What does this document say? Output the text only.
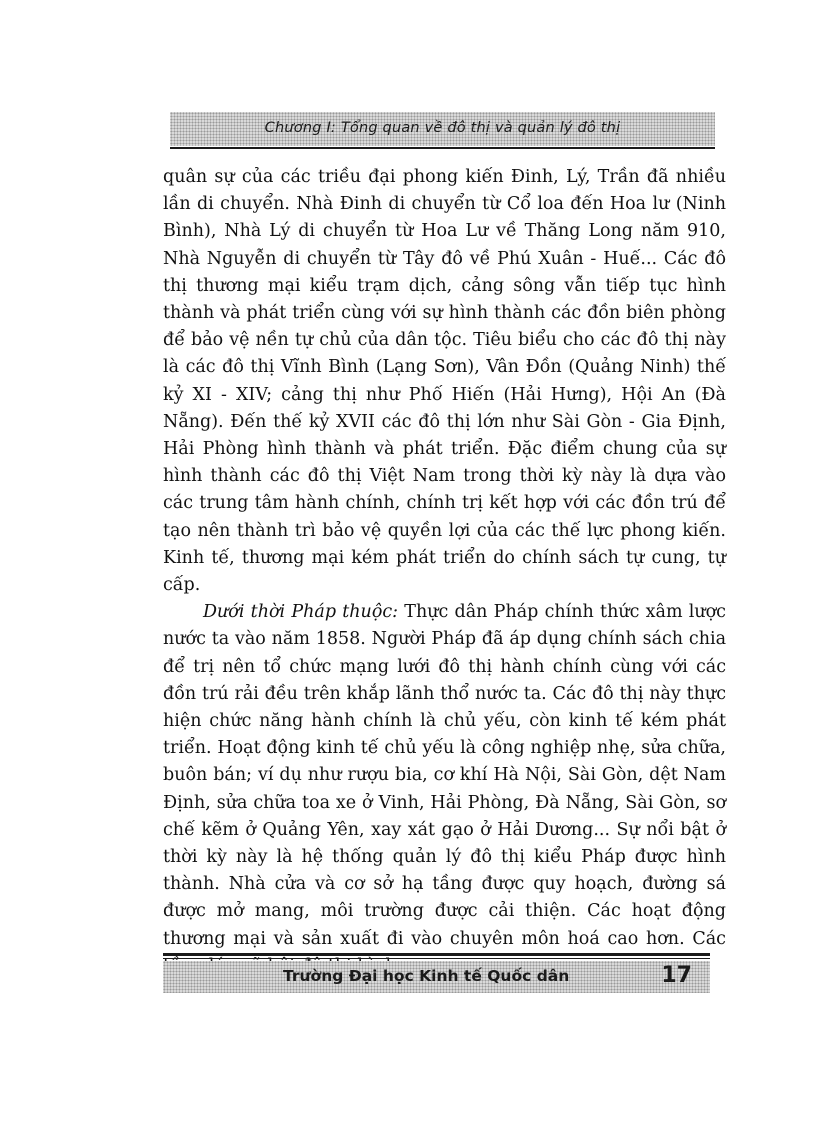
Chương I: Tổng quan về đô thị và quản lý đô thị

quân sự của các triều đại phong kiến Đinh, Lý, Trần đã nhiều lần di chuyển. Nhà Đinh di chuyển từ Cổ loa đến Hoa lư (Ninh Bình), Nhà Lý di chuyển từ Hoa Lư về Thăng Long năm 910, Nhà Nguyễn di chuyển từ Tây đô về Phú Xuân - Huế... Các đô thị thương mại kiểu trạm dịch, cảng sông vẫn tiếp tục hình thành và phát triển cùng với sự hình thành các đồn biên phòng để bảo vệ nền tự chủ của dân tộc. Tiêu biểu cho các đô thị này là các đô thị Vĩnh Bình (Lạng Sơn), Vân Đồn (Quảng Ninh) thế kỷ XI - XIV; cảng thị như Phố Hiến (Hải Hưng), Hội An (Đà Nẵng). Đến thế kỷ XVII các đô thị lớn như Sài Gòn - Gia Định, Hải Phòng hình thành và phát triển. Đặc điểm chung của sự hình thành các đô thị Việt Nam trong thời kỳ này là dựa vào các trung tâm hành chính, chính trị kết hợp với các đồn trú để tạo nên thành trì bảo vệ quyền lợi của các thế lực phong kiến. Kinh tế, thương mại kém phát triển do chính sách tự cung, tự cấp.

Dưới thời Pháp thuộc: Thực dân Pháp chính thức xâm lược nước ta vào năm 1858. Người Pháp đã áp dụng chính sách chia để trị nên tổ chức mạng lưới đô thị hành chính cùng với các đồn trú rải đều trên khắp lãnh thổ nước ta. Các đô thị này thực hiện chức năng hành chính là chủ yếu, còn kinh tế kém phát triển. Hoạt động kinh tế chủ yếu là công nghiệp nhẹ, sửa chữa, buôn bán; ví dụ như rượu bia, cơ khí Hà Nội, Sài Gòn, dệt Nam Định, sửa chữa toa xe ở Vinh, Hải Phòng, Đà Nẵng, Sài Gòn, sơ chế kẽm ở Quảng Yên, xay xát gạo ở Hải Dương... Sự nổi bật ở thời kỳ này là hệ thống quản lý đô thị kiểu Pháp được hình thành. Nhà cửa và cơ sở hạ tầng được quy hoạch, đường sá được mở mang, môi trường được cải thiện. Các hoạt động thương mại và sản xuất đi vào chuyên môn hoá cao hơn. Các

Trường Đại học Kinh tế Quốc dân	17
